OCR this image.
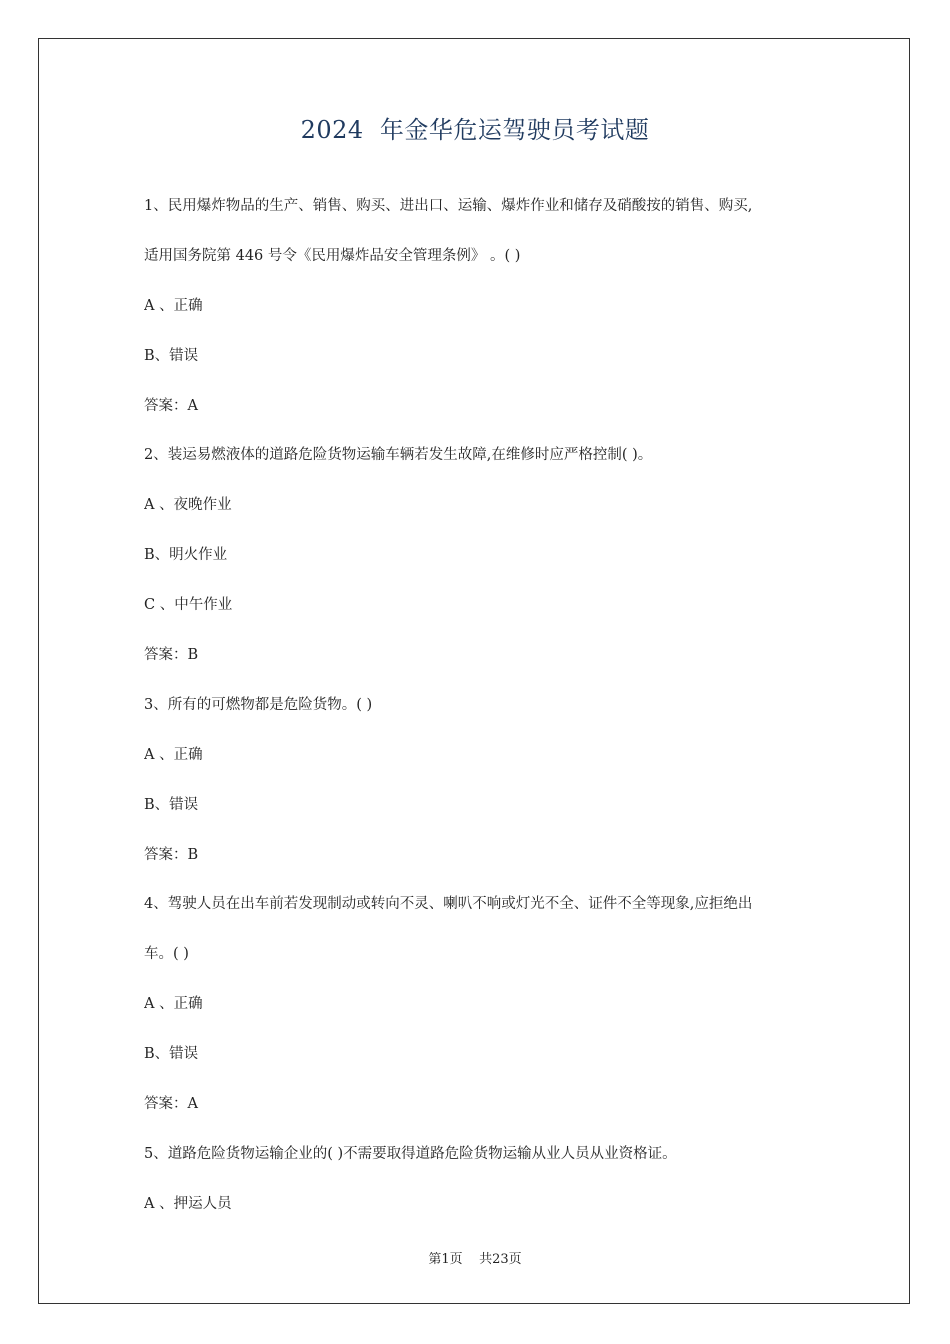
2024  年金华危运驾驶员考试题
1、民用爆炸物品的生产、销售、购买、进出口、运输、爆炸作业和储存及硝酸按的销售、购买,
适用国务院第 446 号令《民用爆炸品安全管理条例》 。( )
A 、正确
B、错误
答案：A
2、装运易燃液体的道路危险货物运输车辆若发生故障,在维修时应严格控制( )。
A 、夜晚作业
B、明火作业
C 、中午作业
答案：B
3、所有的可燃物都是危险货物。( )
A 、正确
B、错误
答案：B
4、驾驶人员在出车前若发现制动或转向不灵、喇叭不响或灯光不全、证件不全等现象,应拒绝出
车。( )
A 、正确
B、错误
答案：A
5、道路危险货物运输企业的( )不需要取得道路危险货物运输从业人员从业资格证。
A 、押运人员
第1页    共23页
